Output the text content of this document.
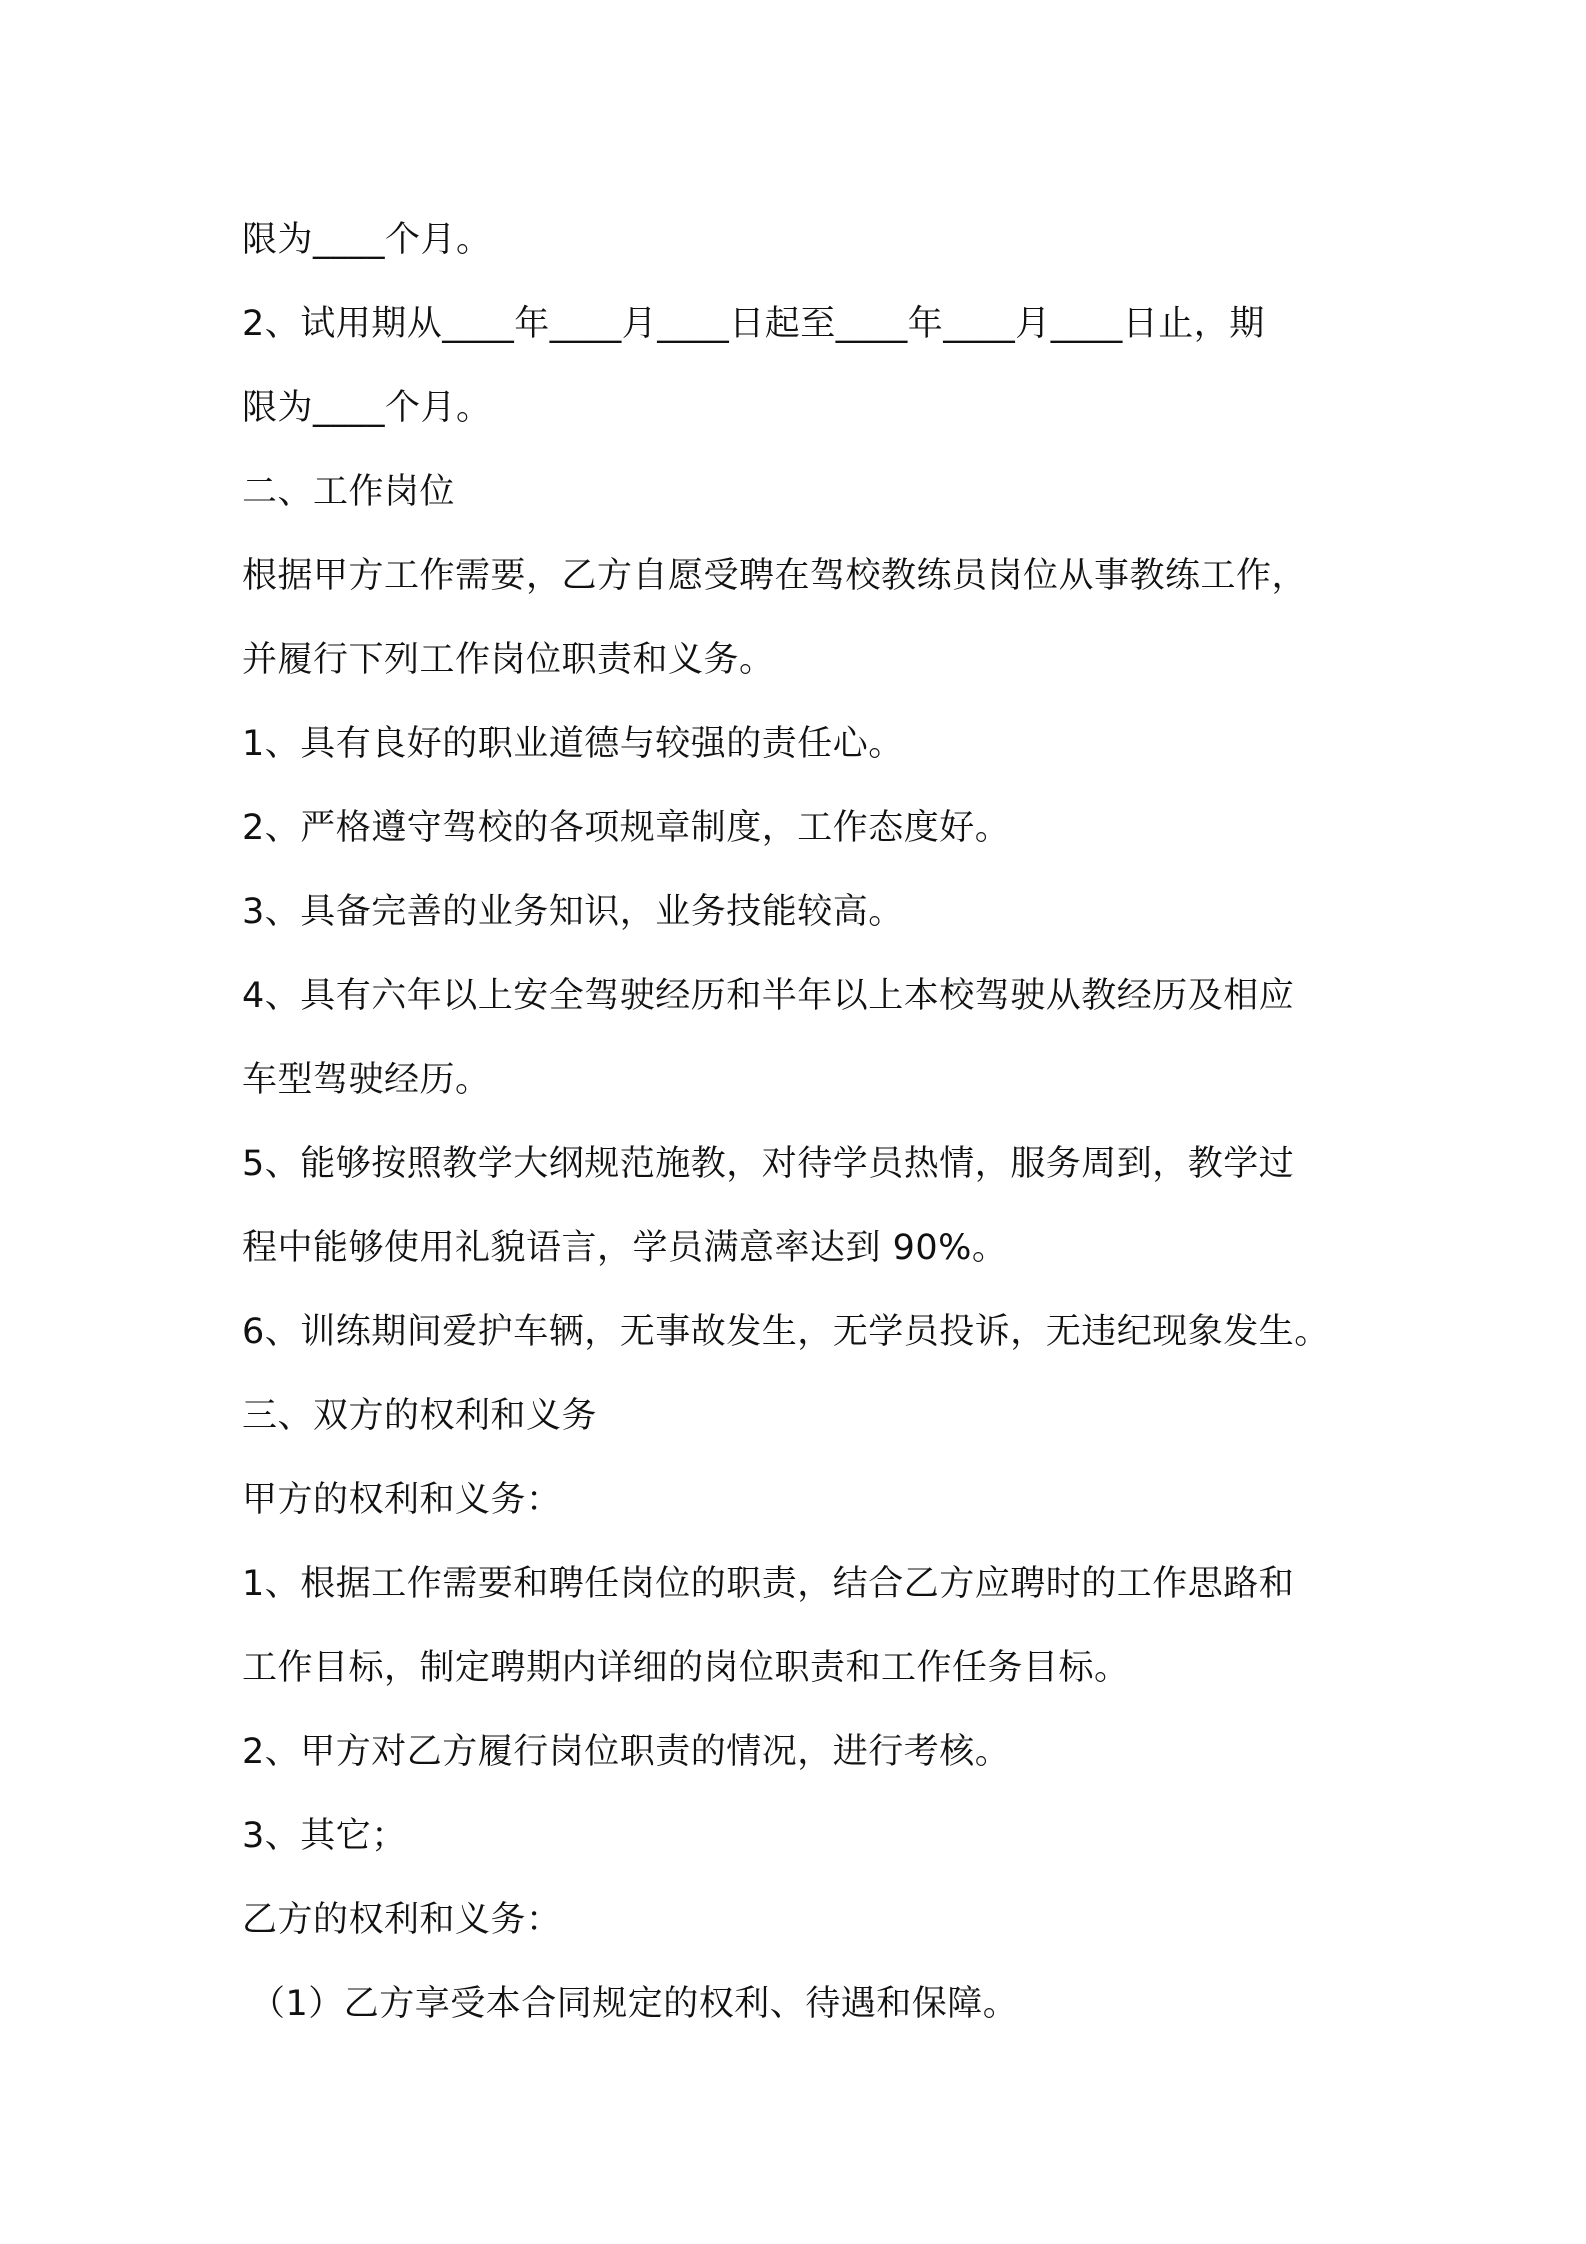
限为____个月。
2、试用期从____年____月____日起至____年____月____日止，期
限为____个月。
二、工作岗位
根据甲方工作需要，乙方自愿受聘在驾校教练员岗位从事教练工作，
并履行下列工作岗位职责和义务。
1、具有良好的职业道德与较强的责任心。
2、严格遵守驾校的各项规章制度，工作态度好。
3、具备完善的业务知识，业务技能较高。
4、具有六年以上安全驾驶经历和半年以上本校驾驶从教经历及相应
车型驾驶经历。
5、能够按照教学大纲规范施教，对待学员热情，服务周到，教学过
程中能够使用礼貌语言，学员满意率达到 90%。
6、训练期间爱护车辆，无事故发生，无学员投诉，无违纪现象发生。
三、双方的权利和义务
甲方的权利和义务：
1、根据工作需要和聘任岗位的职责，结合乙方应聘时的工作思路和
工作目标，制定聘期内详细的岗位职责和工作任务目标。
2、甲方对乙方履行岗位职责的情况，进行考核。
3、其它；
乙方的权利和义务：
（1）乙方享受本合同规定的权利、待遇和保障。
